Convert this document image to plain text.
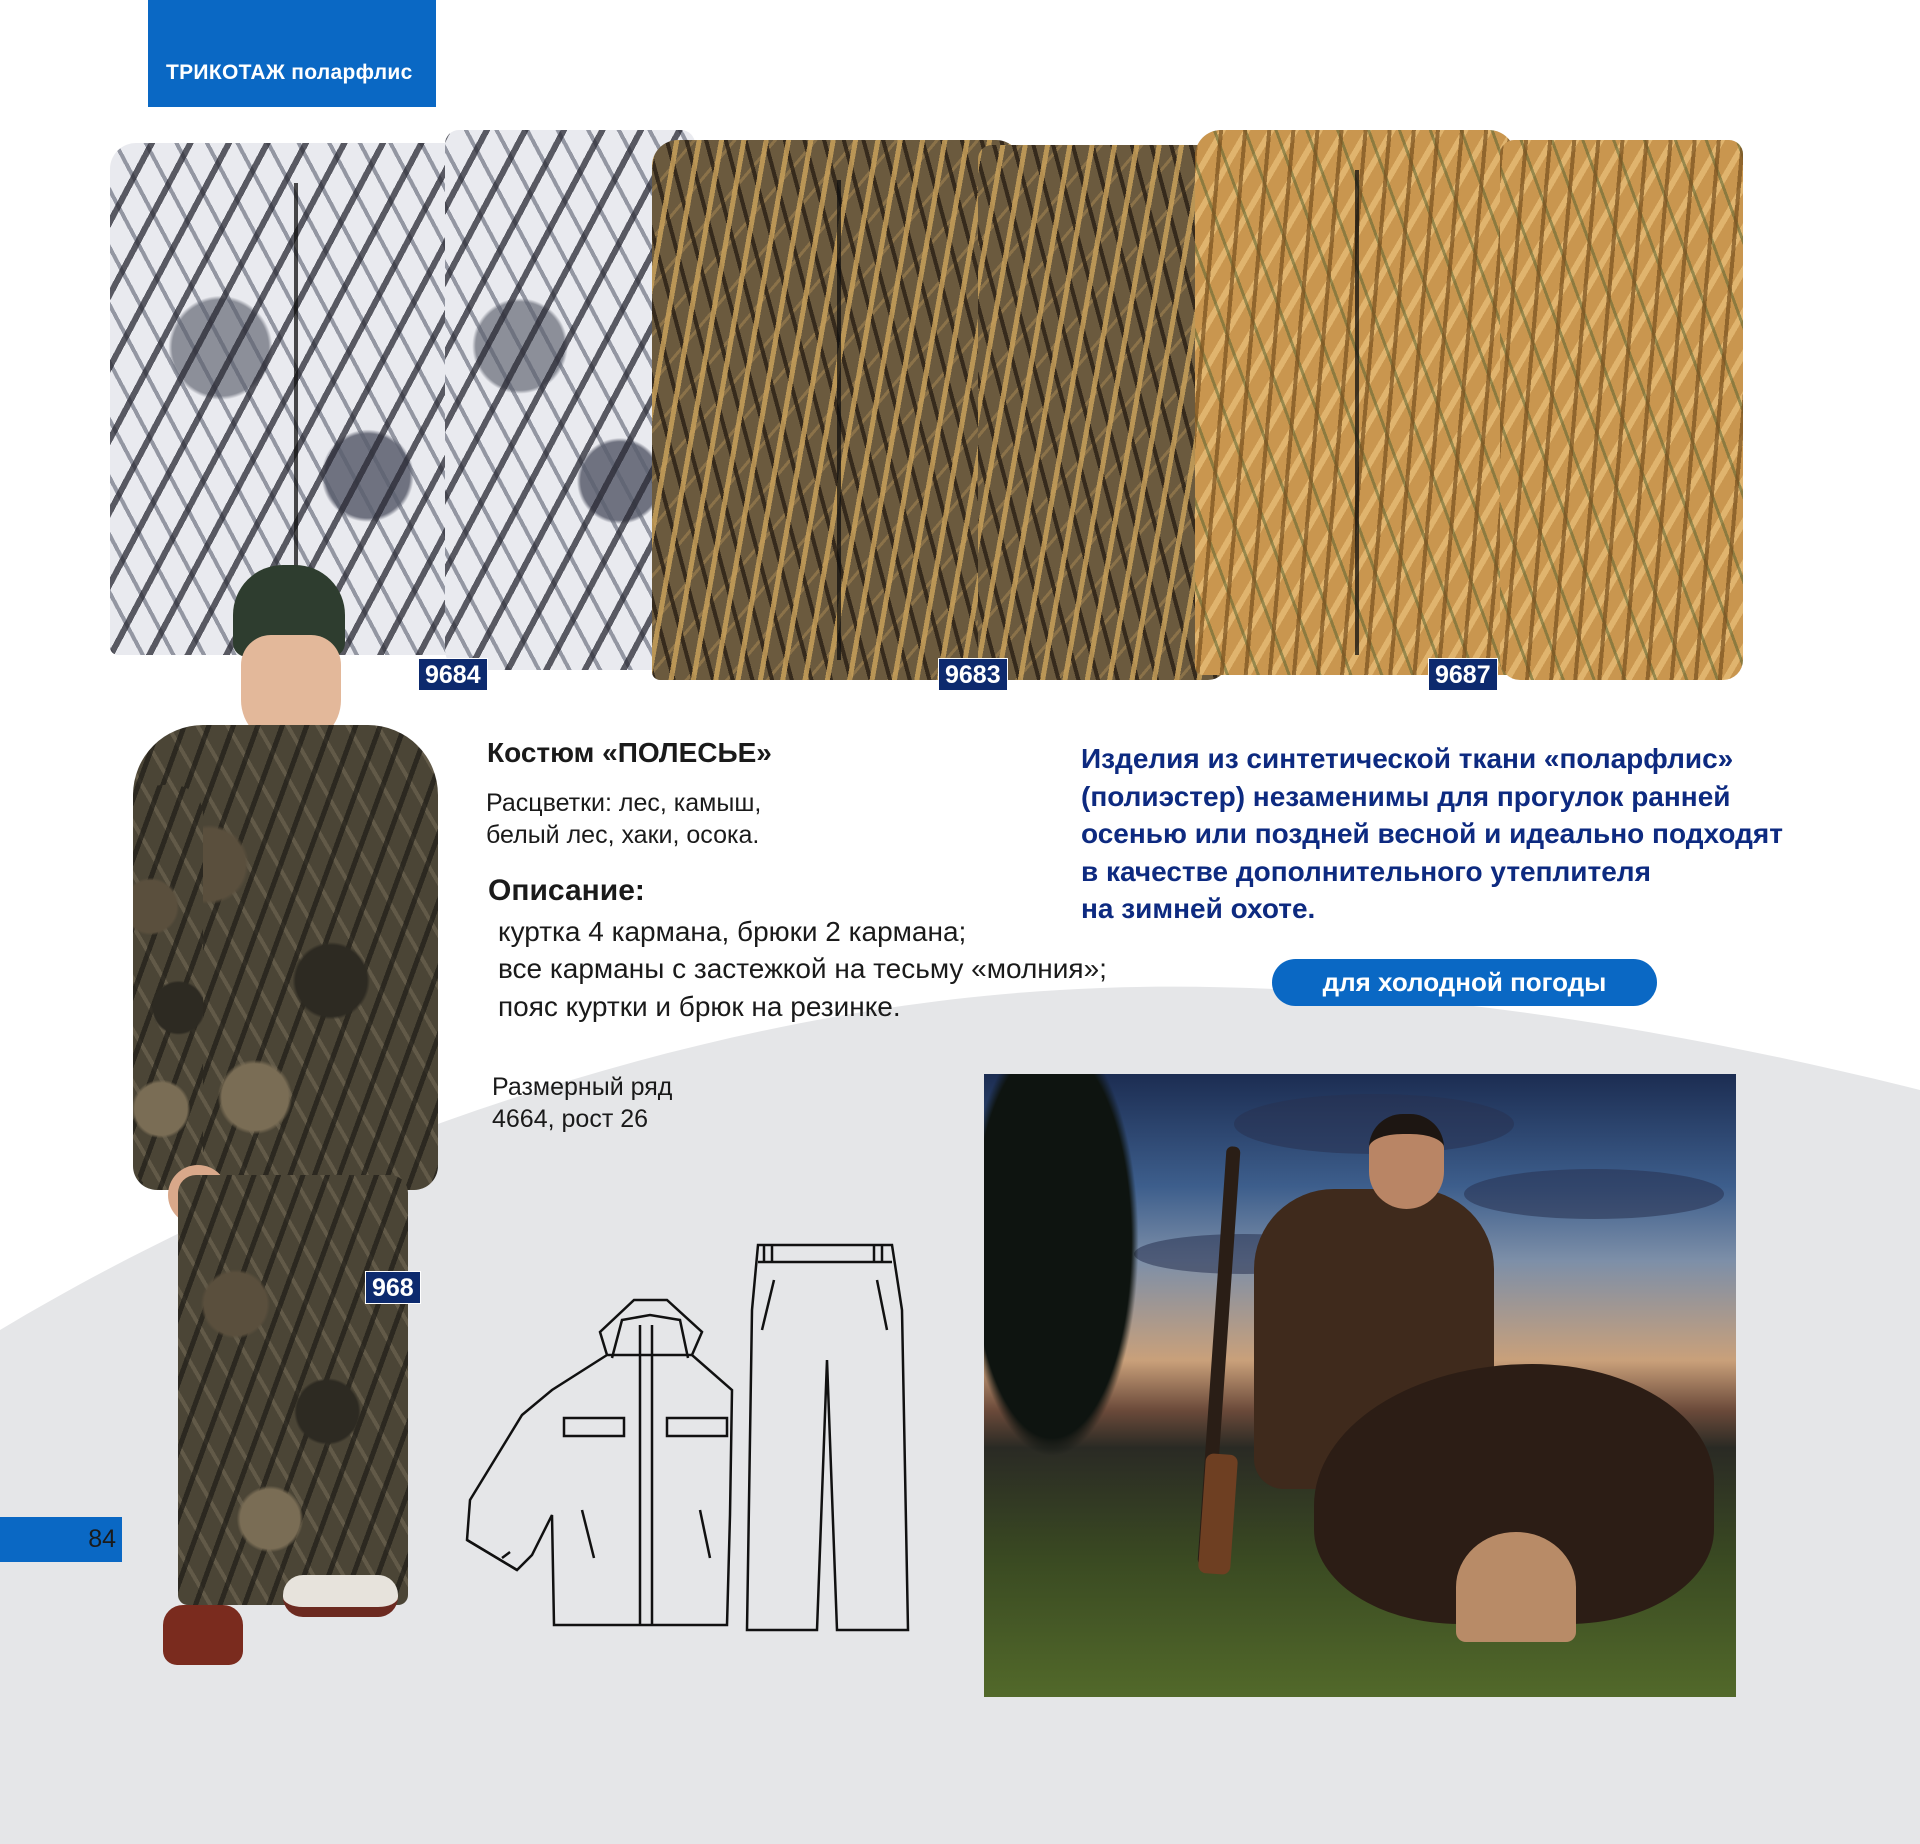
ТРИКОТАЖ поларфлис
9684	9683	9687
968
Костюм «ПОЛЕСЬЕ»
Расцветки: лес, камыш,
белый лес, хаки, осока.
Описание:
куртка 4 кармана, брюки 2 кармана;
все карманы с застежкой на тесьму «молния»;
пояс куртки и брюк на резинке.
Размерный ряд
4664, рост 26
Изделия из синтетической ткани «поларфлис»
(полиэстер) незаменимы для прогулок ранней
осенью или поздней весной и идеально подходят
в качестве дополнительного утеплителя
на зимней охоте.
для холодной погоды
84
